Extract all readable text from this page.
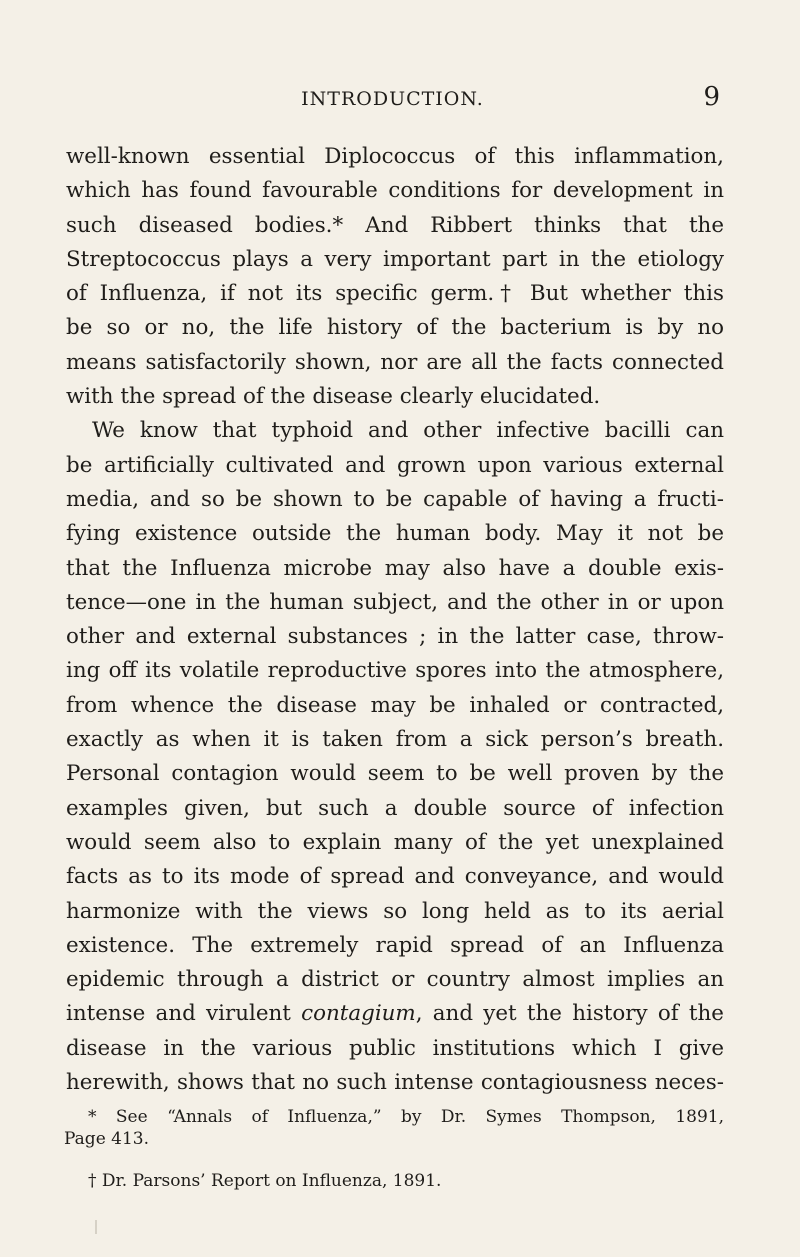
INTRODUCTION.	9
well-known essential Diplococcus of this inflammation,
which has found favourable conditions for development in
such diseased bodies.* And Ribbert thinks that the
Streptococcus plays a very important part in the etiology
of Influenza, if not its specific germ.† But whether this
be so or no, the life history of the bacterium is by no
means satisfactorily shown, nor are all the facts connected
with the spread of the disease clearly elucidated.
We know that typhoid and other infective bacilli can
be artificially cultivated and grown upon various external
media, and so be shown to be capable of having a fructi-
fying existence outside the human body. May it not be
that the Influenza microbe may also have a double exis-
tence—one in the human subject, and the other in or upon
other and external substances ; in the latter case, throw-
ing off its volatile reproductive spores into the atmosphere,
from whence the disease may be inhaled or contracted,
exactly as when it is taken from a sick person’s breath.
Personal contagion would seem to be well proven by the
examples given, but such a double source of infection
would seem also to explain many of the yet unexplained
facts as to its mode of spread and conveyance, and would
harmonize with the views so long held as to its aerial
existence. The extremely rapid spread of an Influenza
epidemic through a district or country almost implies an
intense and virulent contagium, and yet the history of the
disease in the various public institutions which I give
herewith, shows that no such intense contagiousness neces-
* See “Annals of Influenza,” by Dr. Symes Thompson, 1891,
Page 413.
† Dr. Parsons’ Report on Influenza, 1891.
